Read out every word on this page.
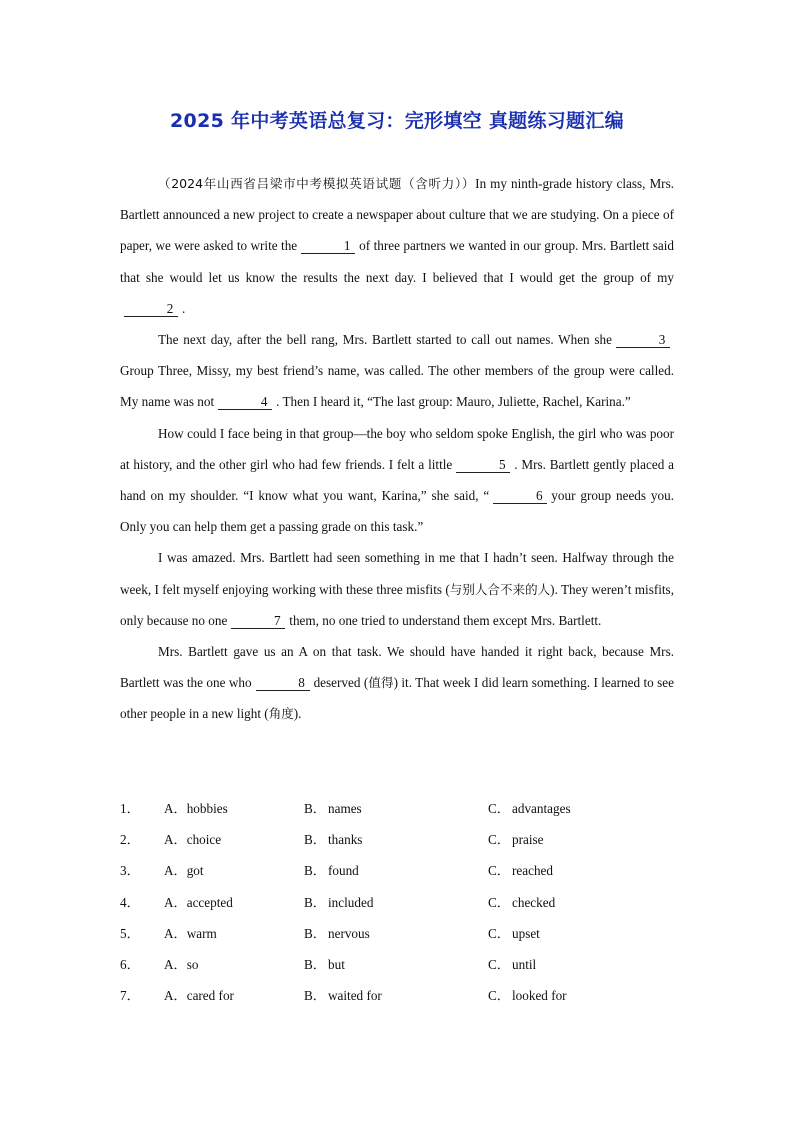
2025 年中考英语总复习：完形填空 真题练习题汇编

（2024年山西省吕梁市中考模拟英语试题（含听力））In my ninth-grade history class, Mrs. Bartlett announced a new project to create a newspaper about culture that we are studying. On a piece of paper, we were asked to write the	1 of three partners we wanted in our group. Mrs. Bartlett said that she would let us know the results the next day. I believed that I would get the group of my2 .

The next day, after the bell rang, Mrs. Bartlett started to call out names. When she	3Group Three, Missy, my best friend’s name, was called. The other members of the group were called. My name was not	4 . Then I heard it, “The last group: Mauro, Juliette, Rachel, Karina.”

How could I face being in that group—the boy who seldom spoke English, the girl who was poor at history, and the other girl who had few friends. I felt a little	5 . Mrs. Bartlett gently placed a hand on my shoulder. “I know what you want, Karina,” she said, “	6 your group needs you. Only you can help them get a passing grade on this task.”

I was amazed. Mrs. Bartlett had seen something in me that I hadn’t seen. Halfway through the week, I felt myself enjoying working with these three misfits (与别人合不来的人). They weren’t misfits, only because no one	7 them, no one tried to understand them except Mrs. Bartlett.

Mrs. Bartlett gave us an A on that task. We should have handed it right back, because Mrs. Bartlett was the one who	8 deserved (值得) it. That week I did learn something. I learned to see other people in a new light (角度).

1． A．hobbies	B． names	C． advantages
2． A．choice	B． thanks	C． praise
3． A．got	B． found	C． reached
4． A．accepted	B． included	C． checked
5． A．warm	B． nervous	C． upset
6． A．so	B． but	C． until
7． A．cared for	B． waited for	C． looked for
